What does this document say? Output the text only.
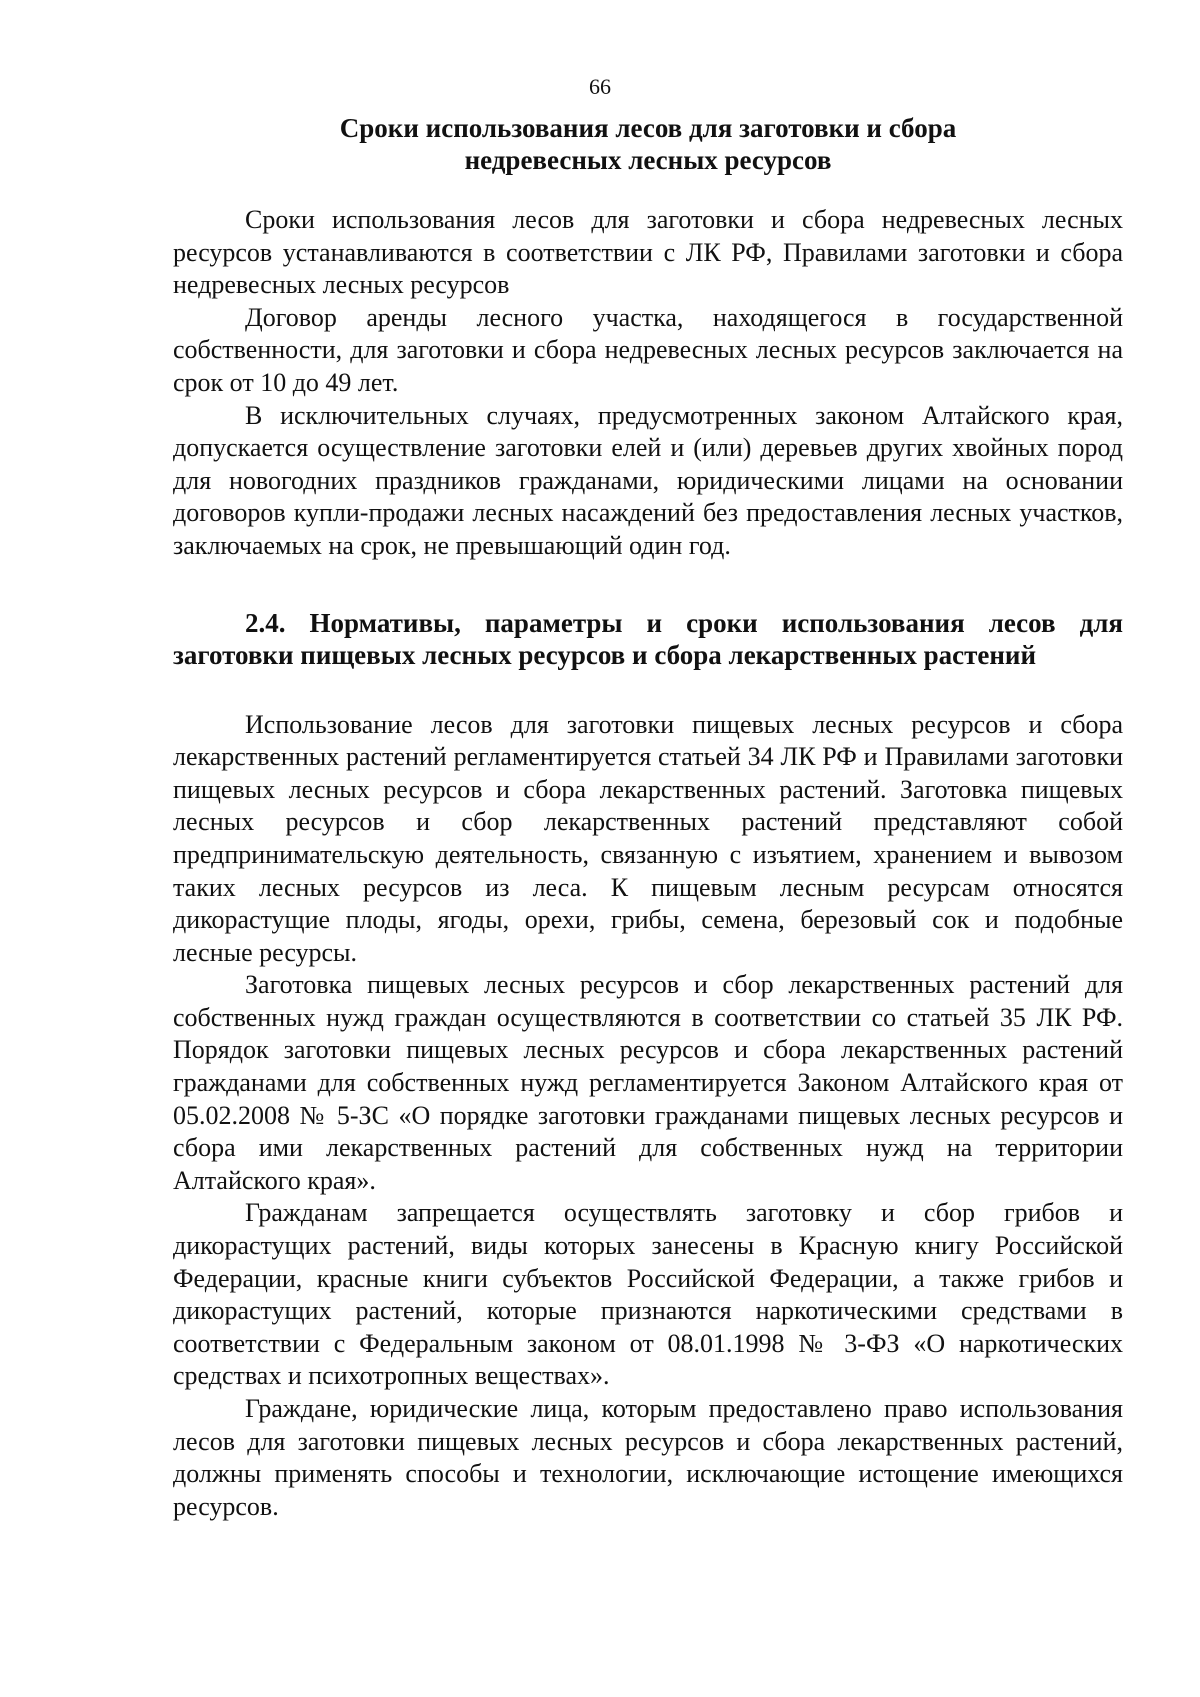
66
Сроки использования лесов для заготовки и сбора
недревесных лесных ресурсов

Сроки использования лесов для заготовки и сбора недревесных лесных ресурсов устанавливаются в соответствии с ЛК РФ, Правилами заготовки и сбора недревесных лесных ресурсов

Договор аренды лесного участка, находящегося в государственной собственности, для заготовки и сбора недревесных лесных ресурсов заключается на срок от 10 до 49 лет.

В исключительных случаях, предусмотренных законом Алтайского края, допускается осуществление заготовки елей и (или) деревьев других хвойных пород для новогодних праздников гражданами, юридическими лицами на основании договоров купли-продажи лесных насаждений без предоставления лесных участков, заключаемых на срок, не превышающий один год.

2.4. Нормативы, параметры и сроки использования лесов для заготовки пищевых лесных ресурсов и сбора лекарственных растений

Использование лесов для заготовки пищевых лесных ресурсов и сбора лекарственных растений регламентируется статьей 34 ЛК РФ и Правилами заготовки пищевых лесных ресурсов и сбора лекарственных растений. Заготовка пищевых лесных ресурсов и сбор лекарственных растений представляют собой предпринимательскую деятельность, связанную с изъятием, хранением и вывозом таких лесных ресурсов из леса. К пищевым лесным ресурсам относятся дикорастущие плоды, ягоды, орехи, грибы, семена, березовый сок и подобные лесные ресурсы.

Заготовка пищевых лесных ресурсов и сбор лекарственных растений для собственных нужд граждан осуществляются в соответствии со статьей 35 ЛК РФ. Порядок заготовки пищевых лесных ресурсов и сбора лекарственных растений гражданами для собственных нужд регламентируется Законом Алтайского края от 05.02.2008 № 5-ЗС «О порядке заготовки гражданами пищевых лесных ресурсов и сбора ими лекарственных растений для собственных нужд на территории Алтайского края».

Гражданам запрещается осуществлять заготовку и сбор грибов и дикорастущих растений, виды которых занесены в Красную книгу Российской Федерации, красные книги субъектов Российской Федерации, а также грибов и дикорастущих растений, которые признаются наркотическими средствами в соответствии с Федеральным законом от 08.01.1998 № 3-ФЗ «О наркотических средствах и психотропных веществах».

Граждане, юридические лица, которым предоставлено право использования лесов для заготовки пищевых лесных ресурсов и сбора лекарственных растений, должны применять способы и технологии, исключающие истощение имеющихся ресурсов.
